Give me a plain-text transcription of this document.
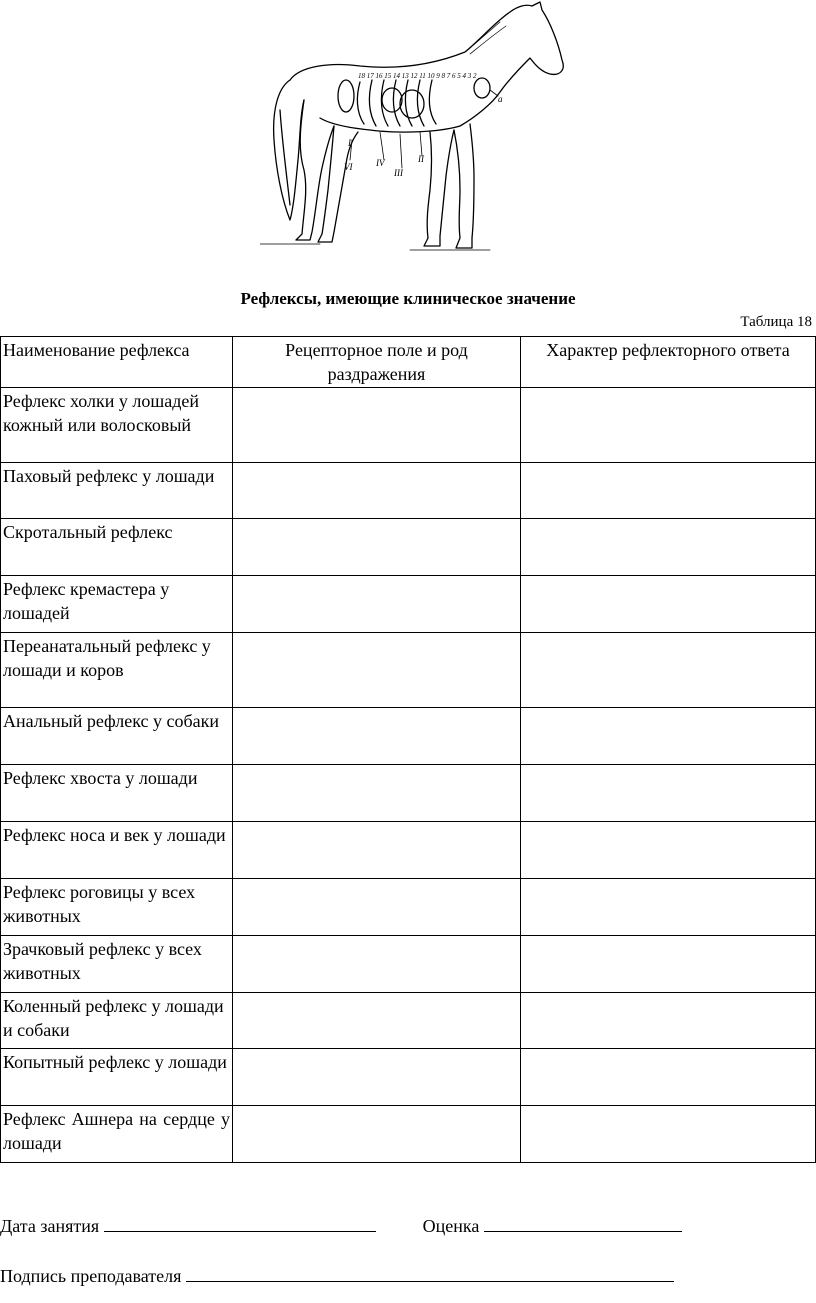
18 17 16 15 14 13 12 11 10 9 8 7 6 5 4 3 2
VI	IV
III
II
I
a
Рефлексы, имеющие клиническое значение
Таблица 18
Наименование рефлекса	Рецепторное поле и род раздражения	Характер рефлекторного ответа
Рефлекс холки у лошадей кожный или волосковый		
Паховый рефлекс у лошади		
Скротальный рефлекс		
Рефлекс кремастера у лошадей		
Переанатальный рефлекс у лошади и коров		
Анальный рефлекс у собаки		
Рефлекс хвоста у лошади		
Рефлекс носа и век у лошади		
Рефлекс роговицы у всех животных		
Зрачковый рефлекс у всех животных		
Коленный рефлекс у лошади и собаки		
Копытный рефлекс у лошади		
Рефлекс Ашнера на сердце у лошади		
Дата занятия	Оценка
Подпись преподавателя
